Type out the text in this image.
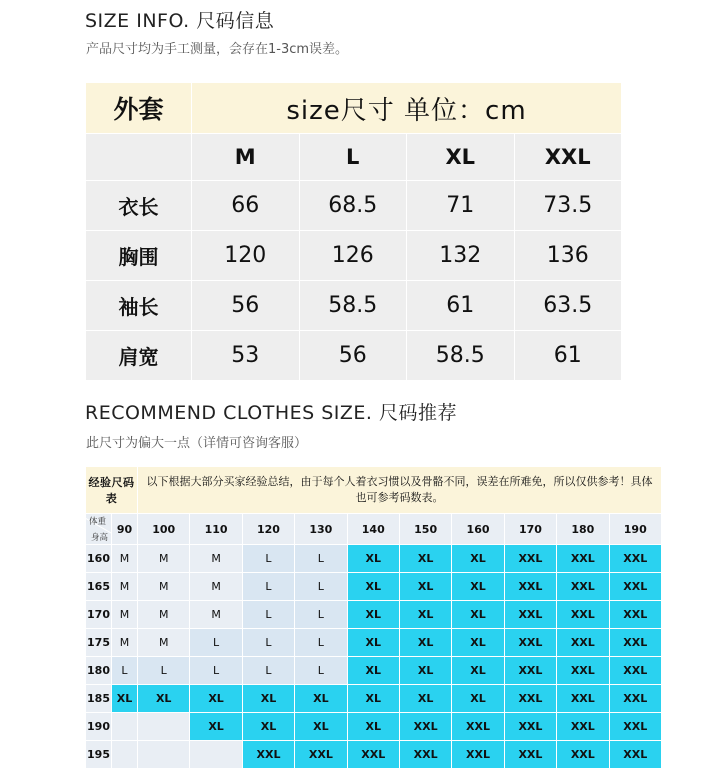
SIZE INFO. 尺码信息
产品尺寸均为手工测量，会存在1-3cm误差。
外套	size尺寸 单位：cm			
	M	L	XL	XXL
衣长	66	68.5	71	73.5
胸围	120	126	132	136
袖长	56	58.5	61	63.5
肩宽	53	56	58.5	61
RECOMMEND CLOTHES SIZE. 尺码推荐
此尺寸为偏大一点（详情可咨询客服）
经验尺码表		以下根据大部分买家经验总结，由于每个人着衣习惯以及骨骼不同，误差在所难免，所以仅供参考！具体也可参考码数表。									

体重
身高	90	100	110	120	130	140	150	160	170	180	190
160	M	M	M	L	L	XL	XL	XL	XXL	XXL	XXL
165	M	M	M	L	L	XL	XL	XL	XXL	XXL	XXL
170	M	M	M	L	L	XL	XL	XL	XXL	XXL	XXL
175	M	M	L	L	L	XL	XL	XL	XXL	XXL	XXL
180	L	L	L	L	L	XL	XL	XL	XXL	XXL	XXL
185	XL	XL	XL	XL	XL	XL	XL	XL	XXL	XXL	XXL
190			XL	XL	XL	XL	XXL	XXL	XXL	XXL	XXL
195				XXL	XXL	XXL	XXL	XXL	XXL	XXL	XXL
